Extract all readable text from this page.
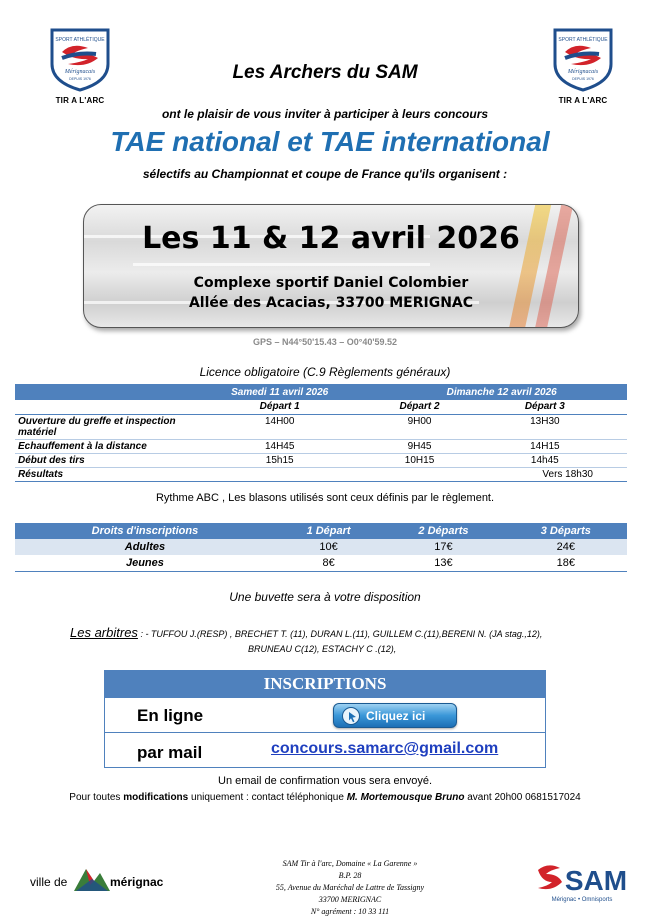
SPORT ATHLÉTIQUE
Mérignacais
DEPUIS 1976
TIR A L'ARC
SPORT ATHLÉTIQUE
Mérignacais
DEPUIS 1976
TIR A L'ARC
Les Archers du SAM
ont le plaisir de vous inviter à participer à leurs concours
TAE national et TAE international
sélectifs au Championnat et coupe de France qu'ils organisent :
Les 11 & 12 avril 2026
Complexe sportif Daniel Colombier
Allée des Acacias, 33700 MERIGNAC
GPS – N44°50'15.43 – O0°40'59.52
Licence obligatoire (C.9 Règlements généraux)
	Samedi 11 avril 2026	Dimanche 12 avril 2026	
	Départ 1	Départ 2	Départ 3
Ouverture du greffe et inspection matériel	14H00	9H00	13H30
Echauffement à la distance	14H45	9H45	14H15
Début des tirs	15h15	10H15	14h45
Résultats			Vers 18h30
Rythme ABC , Les blasons utilisés sont ceux définis par le règlement.
Droits d'inscriptions	1 Départ	2 Départs	3 Départs
Adultes	10€	17€	24€
Jeunes	8€	13€	18€
Une buvette sera à votre disposition
Les arbitres : - TUFFOU J.(RESP) , BRECHET T. (11), DURAN L.(11), GUILLEM C.(11),BERENI N. (JA stag.,12),
BRUNEAU C(12), ESTACHY C .(12),
INSCRIPTIONS
En ligne	Cliquez ici
par mail	concours.samarc@gmail.com
Un email de confirmation vous sera envoyé.
Pour toutes modifications uniquement : contact téléphonique M. Mortemousque Bruno avant 20h00 0681517024
ville de	mérignac
SAM Tir à l'arc, Domaine « La Garenne »
B.P. 28
55, Avenue du Maréchal de Lattre de Tassigny
33700 MERIGNAC
N° agrément : 10 33 111
SAM
Mérignac • Omnisports
